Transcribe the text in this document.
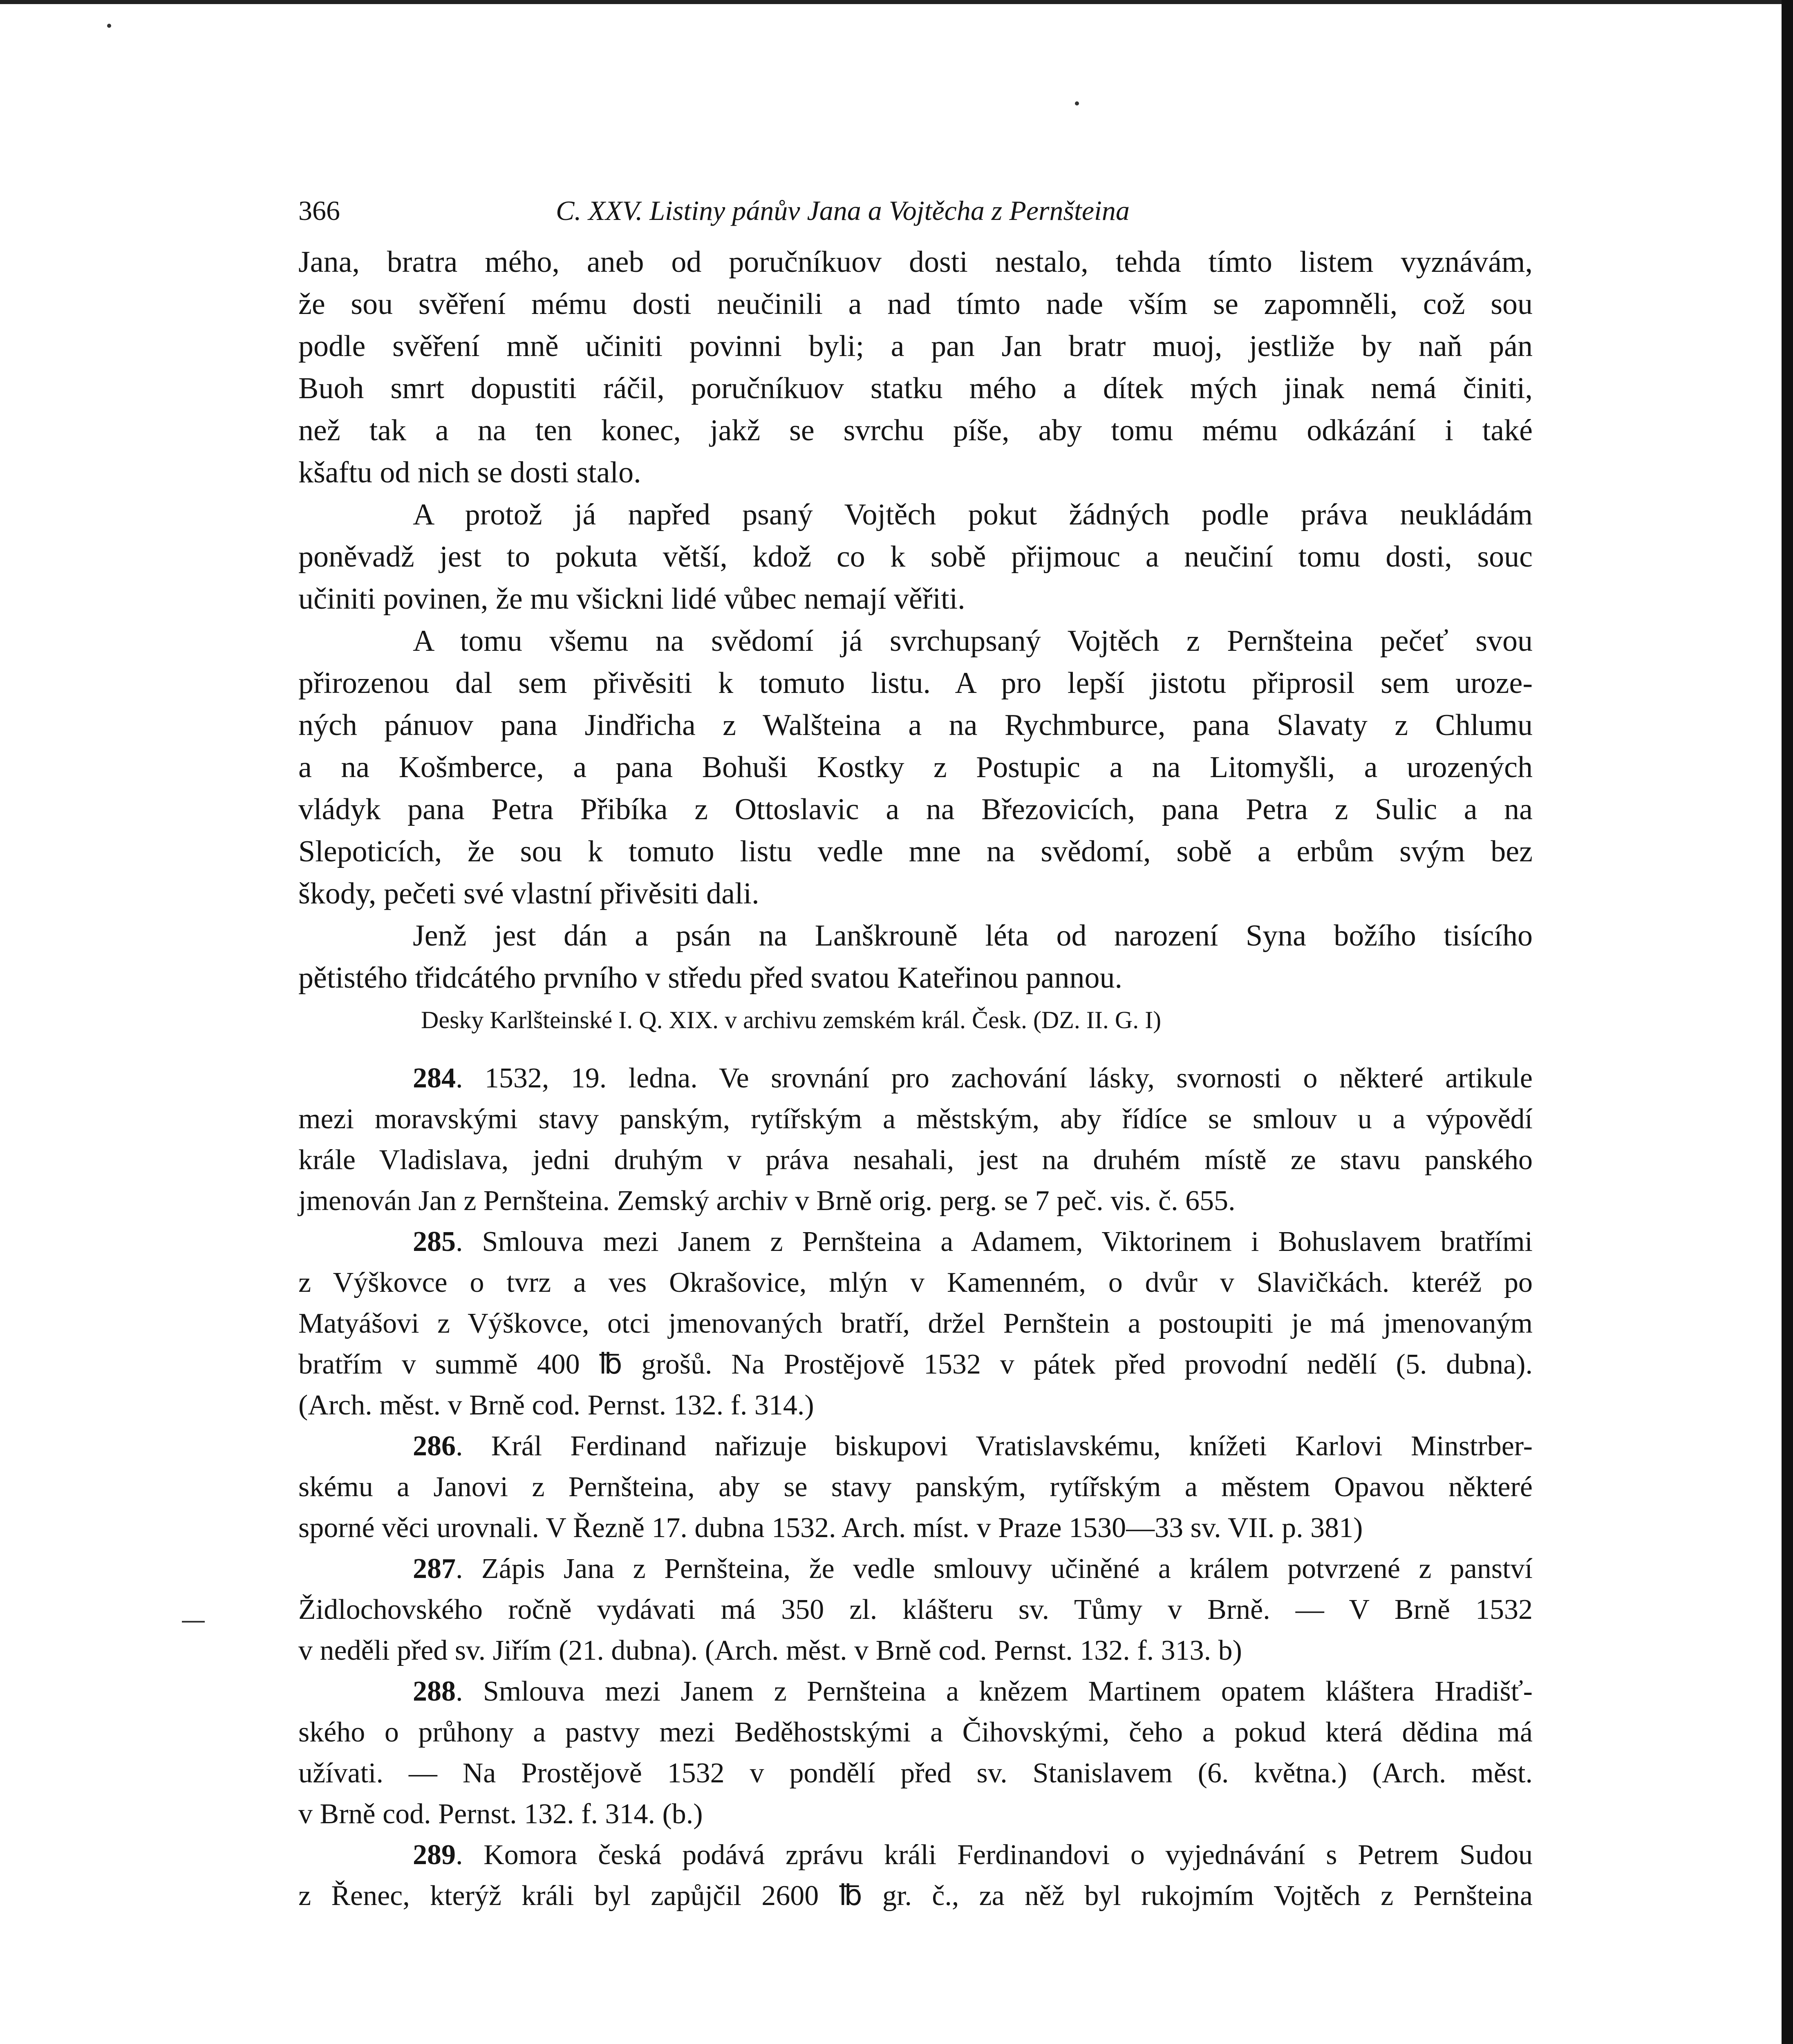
366	C. XXV. Listiny pánův Jana a Vojtěcha z Pernšteina
Jana, bratra mého, aneb od poručníkuov dosti nestalo, tehda tímto listem vyznávám,
že sou svěření mému dosti neučinili a nad tímto nade vším se zapomněli, což sou
podle svěření mně učiniti povinni byli; a pan Jan bratr muoj, jestliže by naň pán
Buoh smrt dopustiti ráčil, poručníkuov statku mého a dítek mých jinak nemá činiti,
než tak a na ten konec, jakž se svrchu píše, aby tomu mému odkázání i také
kšaftu od nich se dosti stalo.
A protož já napřed psaný Vojtěch pokut žádných podle práva neukládám
poněvadž jest to pokuta větší, kdož co k sobě přijmouc a neučiní tomu dosti, souc
učiniti povinen, že mu všickni lidé vůbec nemají věřiti.
A tomu všemu na svědomí já svrchupsaný Vojtěch z Pernšteina pečeť svou
přirozenou dal sem přivěsiti k tomuto listu. A pro lepší jistotu připrosil sem uroze-
ných pánuov pana Jindřicha z Walšteina a na Rychmburce, pana Slavaty z Chlumu
a na Košmberce, a pana Bohuši Kostky z Postupic a na Litomyšli, a urozených
vládyk pana Petra Přibíka z Ottoslavic a na Březovicích, pana Petra z Sulic a na
Slepoticích, že sou k tomuto listu vedle mne na svědomí, sobě a erbům svým bez
škody, pečeti své vlastní přivěsiti dali.
Jenž jest dán a psán na Lanškrouně léta od narození Syna božího tisícího
pětistého třidcátého prvního v středu před svatou Kateřinou pannou.
Desky Karlšteinské I. Q. XIX. v archivu zemském král. Česk. (DZ. II. G. I)
284. 1532, 19. ledna. Ve srovnání pro zachování lásky, svornosti o některé artikule
mezi moravskými stavy panským, rytířským a městským, aby řídíce se smlouv u a výpovědí
krále Vladislava, jedni druhým v práva nesahali, jest na druhém místě ze stavu panského
jmenován Jan z Pernšteina. Zemský archiv v Brně orig. perg. se 7 peč. vis. č. 655.
285. Smlouva mezi Janem z Pernšteina a Adamem, Viktorinem i Bohuslavem bratřími
z Výškovce o tvrz a ves Okrašovice, mlýn v Kamenném, o dvůr v Slavičkách. kteréž po
Matyášovi z Výškovce, otci jmenovaných bratří, držel Pernštein a postoupiti je má jmenovaným
bratřím v summě 400 ℔ grošů. Na Prostějově 1532 v pátek před provodní nedělí (5. dubna).
(Arch. měst. v Brně cod. Pernst. 132. f. 314.)
286. Král Ferdinand nařizuje biskupovi Vratislavskému, knížeti Karlovi Minstrber-
skému a Janovi z Pernšteina, aby se stavy panským, rytířským a městem Opavou některé
sporné věci urovnali. V Řezně 17. dubna 1532. Arch. míst. v Praze 1530—33 sv. VII. p. 381)
287. Zápis Jana z Pernšteina, že vedle smlouvy učiněné a králem potvrzené z panství
Židlochovského ročně vydávati má 350 zl. klášteru sv. Tůmy v Brně. — V Brně 1532
v neděli před sv. Jiřím (21. dubna). (Arch. měst. v Brně cod. Pernst. 132. f. 313. b)
288. Smlouva mezi Janem z Pernšteina a knězem Martinem opatem kláštera Hradišť-
ského o průhony a pastvy mezi Beděhostskými a Čihovskými, čeho a pokud která dědina má
užívati. — Na Prostějově 1532 v pondělí před sv. Stanislavem (6. května.) (Arch. měst.
v Brně cod. Pernst. 132. f. 314. (b.)
289. Komora česká podává zprávu králi Ferdinandovi o vyjednávání s Petrem Sudou
z Řenec, kterýž králi byl zapůjčil 2600 ℔ gr. č., za něž byl rukojmím Vojtěch z Pernšteina
